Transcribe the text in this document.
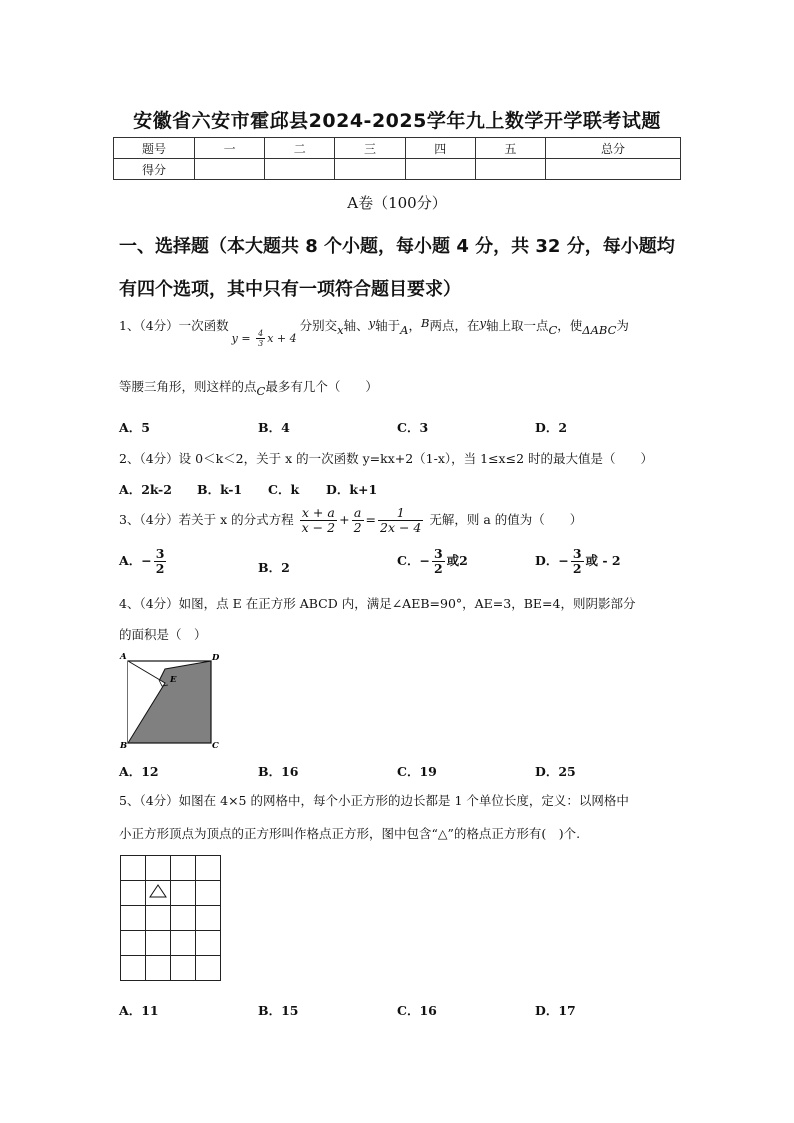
安徽省六安市霍邱县2024-2025学年九上数学开学联考试题
题号	一	二	三	四	五	总分
得分						
A卷（100分）
一、选择题（本大题共 8 个小题，每小题 4 分，共 32 分，每小题均
有四个选项，其中只有一项符合题目要求）
1、（4分）一次函数$y = \frac{4}{3}$ x + 4分别交x轴、y轴于A，B两点，在y轴上取一点C，使ΔABC为
等腰三角形，则这样的点C最多有几个（　　）
A．5	B．4	C．3	D．2
2、（4分）设 0＜k＜2，关于 x 的一次函数 y=kx+2（1-x），当 1≤x≤2 时的最大值是（　　）
A．2k-2 B．k-1 C．k D．k+1
3、（4分）若关于 x 的分式方程 $\frac{x + a}{x - 2} + \frac{a}{2} = \frac{1}{2x - 4}$ 无解，则 a 的值为（　　）
A．− $\frac{3}{2}$	B．2	C．− $\frac{3}{2}$ 或2	D．− $\frac{3}{2}$ 或 - 2
4、（4分）如图，点 E 在正方形 ABCD 内，满足∠AEB=90°，AE=3，BE=4，则阴影部分
的面积是（　）
A	D
E
B	C
A．12	B．16	C．19	D．25
5、（4分）如图在 4×5 的网格中，每个小正方形的边长都是 1 个单位长度，定义：以网格中
小正方形顶点为顶点的正方形叫作格点正方形，图中包含“△”的格点正方形有(　)个.
A．11	B．15	C．16	D．17
